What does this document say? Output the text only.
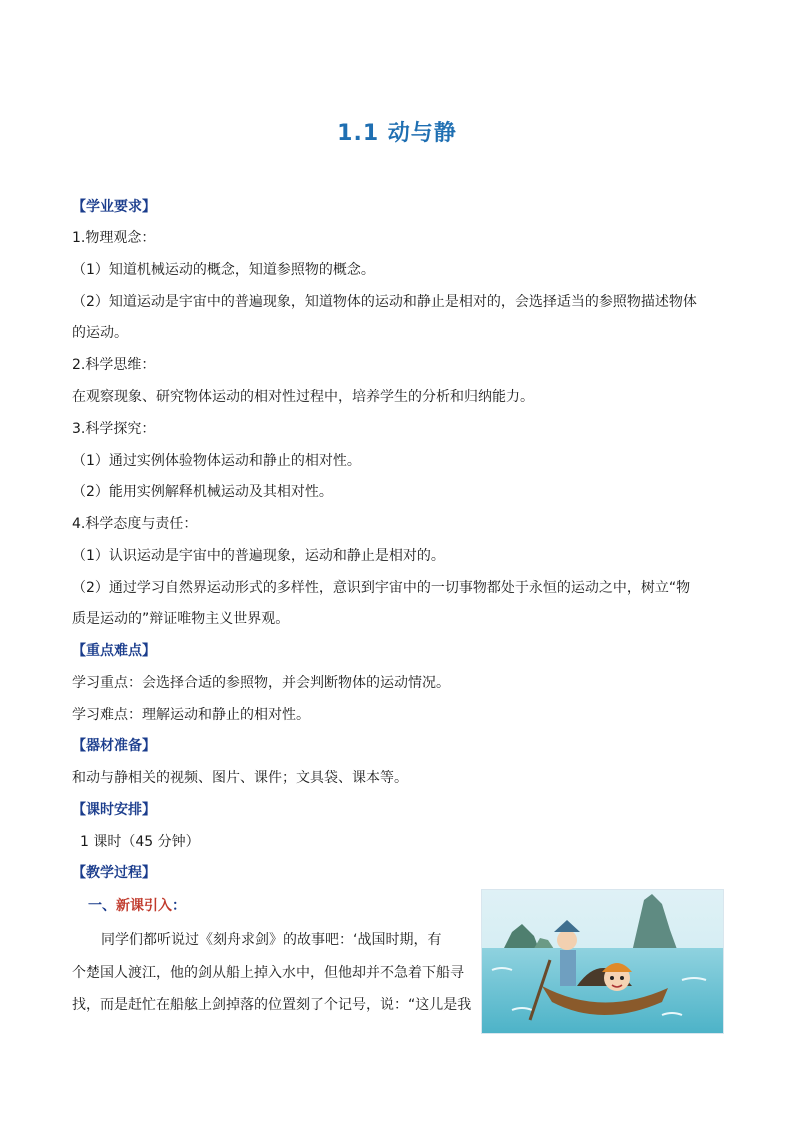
1.1 动与静
【学业要求】
1.物理观念：
（1）知道机械运动的概念，知道参照物的概念。
（2）知道运动是宇宙中的普遍现象，知道物体的运动和静止是相对的，会选择适当的参照物描述物体
的运动。
2.科学思维：
在观察现象、研究物体运动的相对性过程中，培养学生的分析和归纳能力。
3.科学探究：
（1）通过实例体验物体运动和静止的相对性。
（2）能用实例解释机械运动及其相对性。
4.科学态度与责任：
（1）认识运动是宇宙中的普遍现象，运动和静止是相对的。
（2）通过学习自然界运动形式的多样性，意识到宇宙中的一切事物都处于永恒的运动之中，树立“物
质是运动的”辩证唯物主义世界观。
【重点难点】
学习重点：会选择合适的参照物，并会判断物体的运动情况。
学习难点：理解运动和静止的相对性。
【器材准备】
和动与静相关的视频、图片、课件；文具袋、课本等。
【课时安排】
1 课时（45 分钟）
【教学过程】
一、新课引入：
同学们都听说过《刻舟求剑》的故事吧：‘战国时期，有
个楚国人渡江，他的剑从船上掉入水中，但他却并不急着下船寻
找，而是赶忙在船舷上剑掉落的位置刻了个记号，说：“这儿是我
